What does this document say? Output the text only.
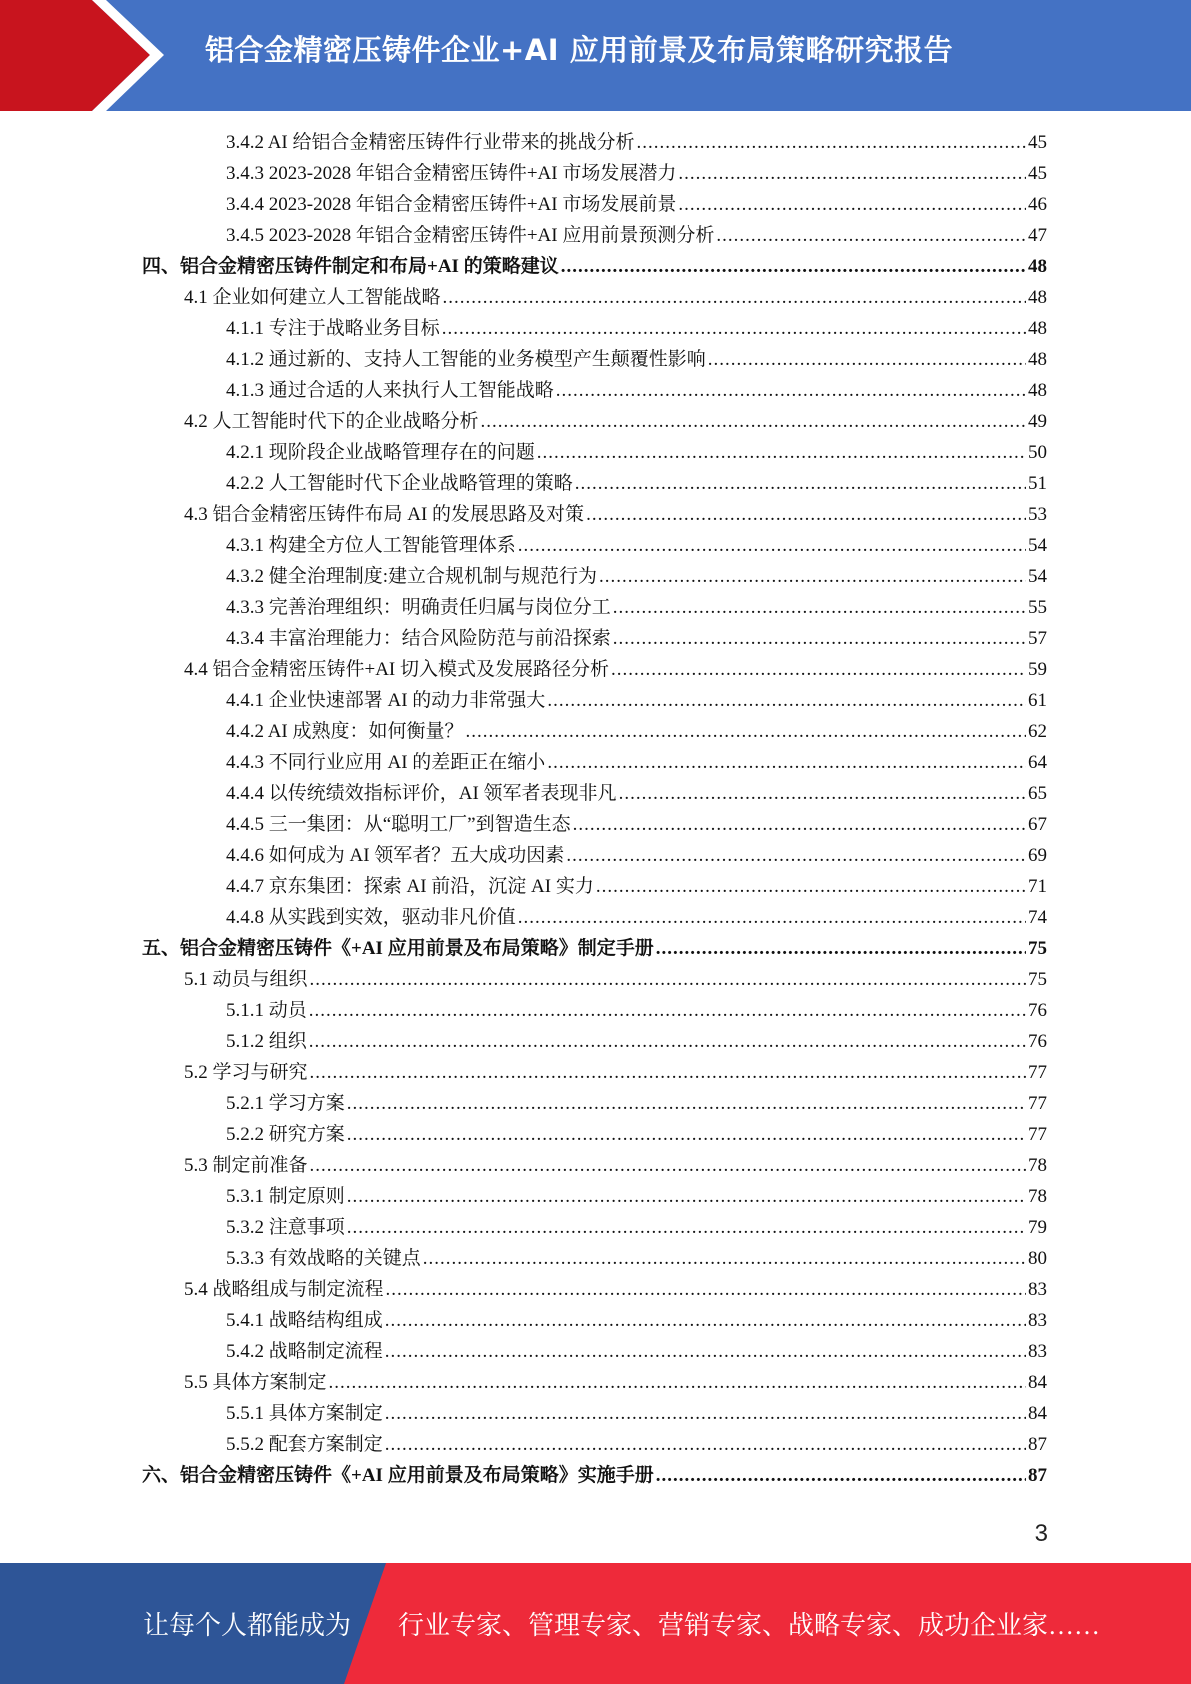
铝合金精密压铸件企业+AI 应用前景及布局策略研究报告
3.4.2 AI 给铝合金精密压铸件行业带来的挑战分析 .....	45
3.4.3 2023-2028 年铝合金精密压铸件+AI 市场发展潜力 .....	45
3.4.4 2023-2028 年铝合金精密压铸件+AI 市场发展前景 .....	46
3.4.5 2023-2028 年铝合金精密压铸件+AI 应用前景预测分析 .....	47
四、铝合金精密压铸件制定和布局+AI 的策略建议 .....	48
4.1 企业如何建立人工智能战略 .....	48
4.1.1 专注于战略业务目标 .....	48
4.1.2 通过新的、支持人工智能的业务模型产生颠覆性影响 .....	48
4.1.3 通过合适的人来执行人工智能战略 .....	48
4.2 人工智能时代下的企业战略分析 .....	49
4.2.1 现阶段企业战略管理存在的问题 .....	50
4.2.2 人工智能时代下企业战略管理的策略 .....	51
4.3 铝合金精密压铸件布局 AI 的发展思路及对策 .....	53
4.3.1 构建全方位人工智能管理体系 .....	54
4.3.2 健全治理制度:建立合规机制与规范行为 .....	54
4.3.3 完善治理组织：明确责任归属与岗位分工 .....	55
4.3.4 丰富治理能力：结合风险防范与前沿探索 .....	57
4.4 铝合金精密压铸件+AI 切入模式及发展路径分析 .....	59
4.4.1 企业快速部署 AI 的动力非常强大 .....	61
4.4.2 AI 成熟度：如何衡量？ .....	62
4.4.3 不同行业应用 AI 的差距正在缩小 .....	64
4.4.4 以传统绩效指标评价，AI 领军者表现非凡 .....	65
4.4.5 三一集团：从“聪明工厂”到智造生态 .....	67
4.4.6 如何成为 AI 领军者？五大成功因素 .....	69
4.4.7 京东集团：探索 AI 前沿，沉淀 AI 实力 .....	71
4.4.8 从实践到实效，驱动非凡价值 .....	74
五、铝合金精密压铸件《+AI 应用前景及布局策略》制定手册 .....	75
5.1 动员与组织 .....	75
5.1.1 动员 .....	76
5.1.2 组织 .....	76
5.2 学习与研究 .....	77
5.2.1 学习方案 .....	77
5.2.2 研究方案 .....	77
5.3 制定前准备 .....	78
5.3.1 制定原则 .....	78
5.3.2 注意事项 .....	79
5.3.3 有效战略的关键点 .....	80
5.4 战略组成与制定流程 .....	83
5.4.1 战略结构组成 .....	83
5.4.2 战略制定流程 .....	83
5.5 具体方案制定 .....	84
5.5.1 具体方案制定 .....	84
5.5.2 配套方案制定 .....	87
六、铝合金精密压铸件《+AI 应用前景及布局策略》实施手册 .....	87
3
让每个人都能成为 行业专家、管理专家、营销专家、战略专家、成功企业家……
